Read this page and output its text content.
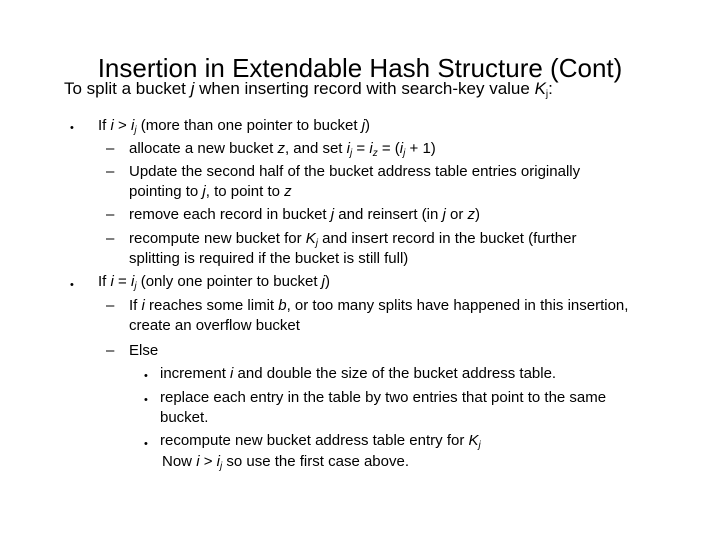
Insertion in Extendable Hash Structure (Cont)
To split a bucket j when inserting record with search-key value $K_j$:
• If $i > i_j$ (more than one pointer to bucket j)
– allocate a new bucket z, and set $i_j = i_z = (i_j + 1)$
– Update the second half of the bucket address table entries originally
pointing to j, to point to z
– remove each record in bucket j and reinsert (in j or z)
– recompute new bucket for $K_j$ and insert record in the bucket (further
splitting is required if the bucket is still full)
• If $i = i_j$ (only one pointer to bucket j)
– If i reaches some limit b, or too many splits have happened in this insertion,
create an overflow bucket
– Else
• increment i and double the size of the bucket address table.
• replace each entry in the table by two entries that point to the same
bucket.
• recompute new bucket address table entry for $K_j$
Now $i > i_j$ so use the first case above.
